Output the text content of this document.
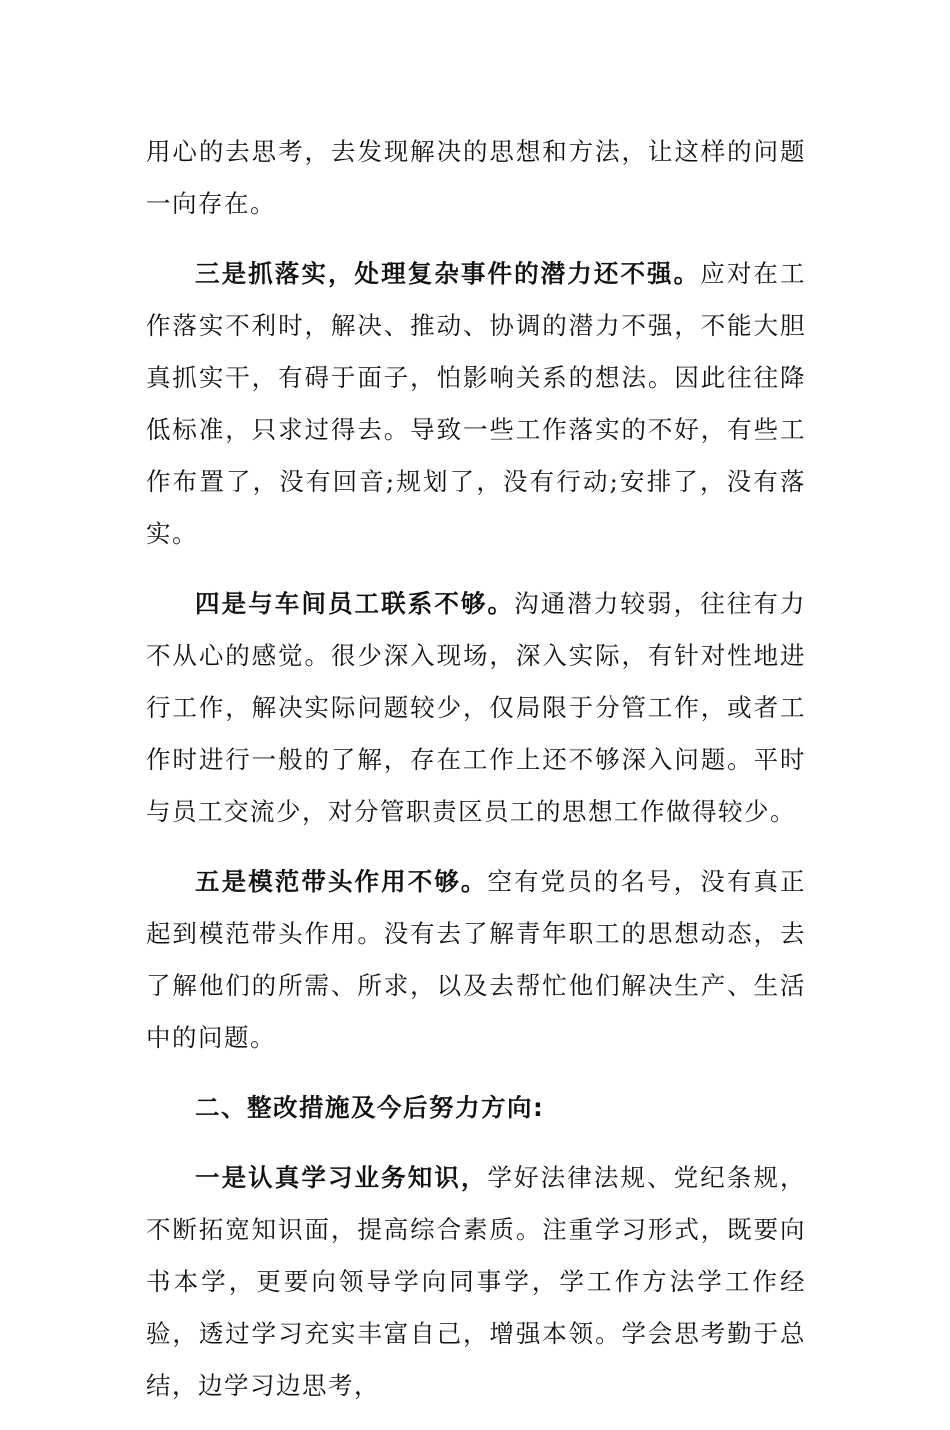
用心的去思考，去发现解决的思想和方法，让这样的问题一向存在。

三是抓落实，处理复杂事件的潜力还不强。应对在工作落实不利时，解决、推动、协调的潜力不强，不能大胆真抓实干，有碍于面子，怕影响关系的想法。因此往往降低标准，只求过得去。导致一些工作落实的不好，有些工作布置了，没有回音;规划了，没有行动;安排了，没有落实。

四是与车间员工联系不够。沟通潜力较弱，往往有力不从心的感觉。很少深入现场，深入实际，有针对性地进行工作，解决实际问题较少，仅局限于分管工作，或者工作时进行一般的了解，存在工作上还不够深入问题。平时与员工交流少，对分管职责区员工的思想工作做得较少。

五是模范带头作用不够。空有党员的名号，没有真正起到模范带头作用。没有去了解青年职工的思想动态，去了解他们的所需、所求，以及去帮忙他们解决生产、生活中的问题。

二、整改措施及今后努力方向:

一是认真学习业务知识，学好法律法规、党纪条规，不断拓宽知识面，提高综合素质。注重学习形式，既要向书本学，更要向领导学向同事学，学工作方法学工作经验，透过学习充实丰富自己，增强本领。学会思考勤于总结，边学习边思考，
